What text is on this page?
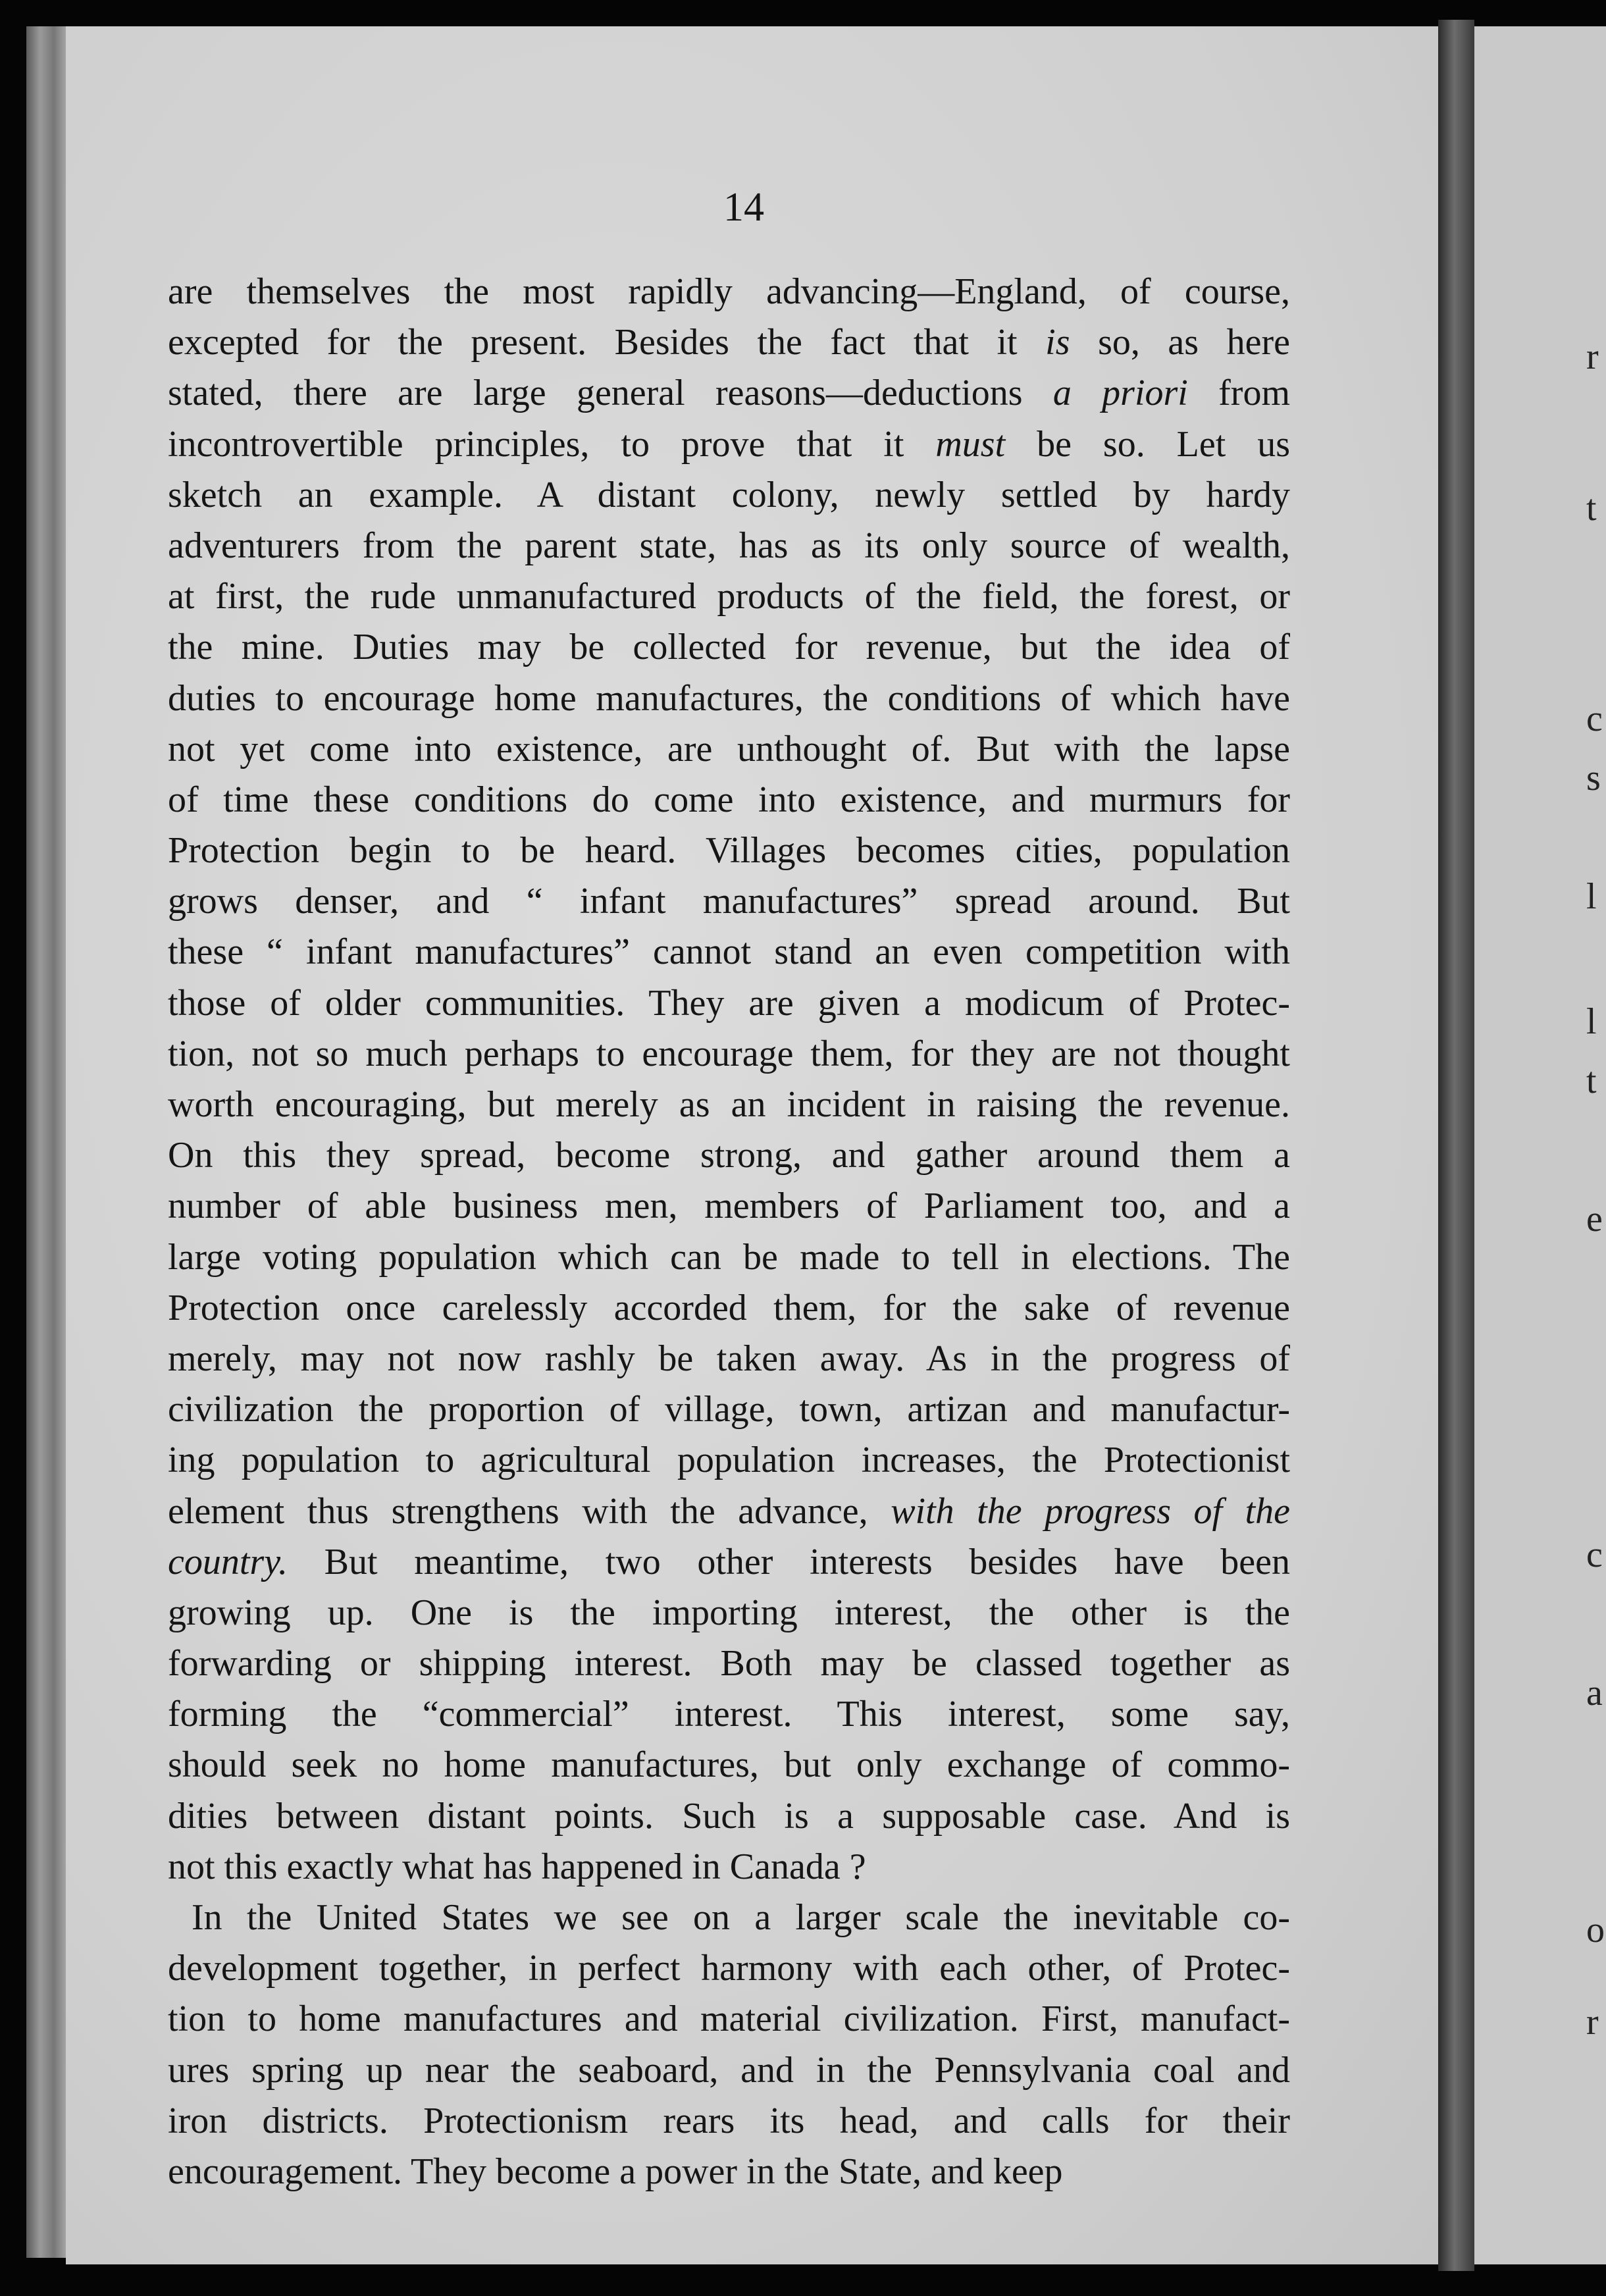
r
t
c
s
l
l
t
e
c
a
o
r
14
are themselves the most rapidly advancing—England, of course,
excepted for the present. Besides the fact that it is so, as here
stated, there are large general reasons—deductions a priori from
incontrovertible principles, to prove that it must be so. Let us
sketch an example. A distant colony, newly settled by hardy
adventurers from the parent state, has as its only source of wealth,
at first, the rude unmanufactured products of the field, the forest, or
the mine. Duties may be collected for revenue, but the idea of
duties to encourage home manufactures, the conditions of which have
not yet come into existence, are unthought of. But with the lapse
of time these conditions do come into existence, and murmurs for
Protection begin to be heard. Villages becomes cities, population
grows denser, and “ infant manufactures” spread around. But
these “ infant manufactures” cannot stand an even competition with
those of older communities. They are given a modicum of Protec-
tion, not so much perhaps to encourage them, for they are not thought
worth encouraging, but merely as an incident in raising the revenue.
On this they spread, become strong, and gather around them a
number of able business men, members of Parliament too, and a
large voting population which can be made to tell in elections. The
Protection once carelessly accorded them, for the sake of revenue
merely, may not now rashly be taken away. As in the progress of
civilization the proportion of village, town, artizan and manufactur-
ing population to agricultural population increases, the Protectionist
element thus strengthens with the advance, with the progress of the
country. But meantime, two other interests besides have been
growing up. One is the importing interest, the other is the
forwarding or shipping interest. Both may be classed together as
forming the “commercial” interest. This interest, some say,
should seek no home manufactures, but only exchange of commo-
dities between distant points. Such is a supposable case. And is
not this exactly what has happened in Canada ?
In the United States we see on a larger scale the inevitable co-
development together, in perfect harmony with each other, of Protec-
tion to home manufactures and material civilization. First, manufact-
ures spring up near the seaboard, and in the Pennsylvania coal and
iron districts. Protectionism rears its head, and calls for their
encouragement. They become a power in the State, and keep
